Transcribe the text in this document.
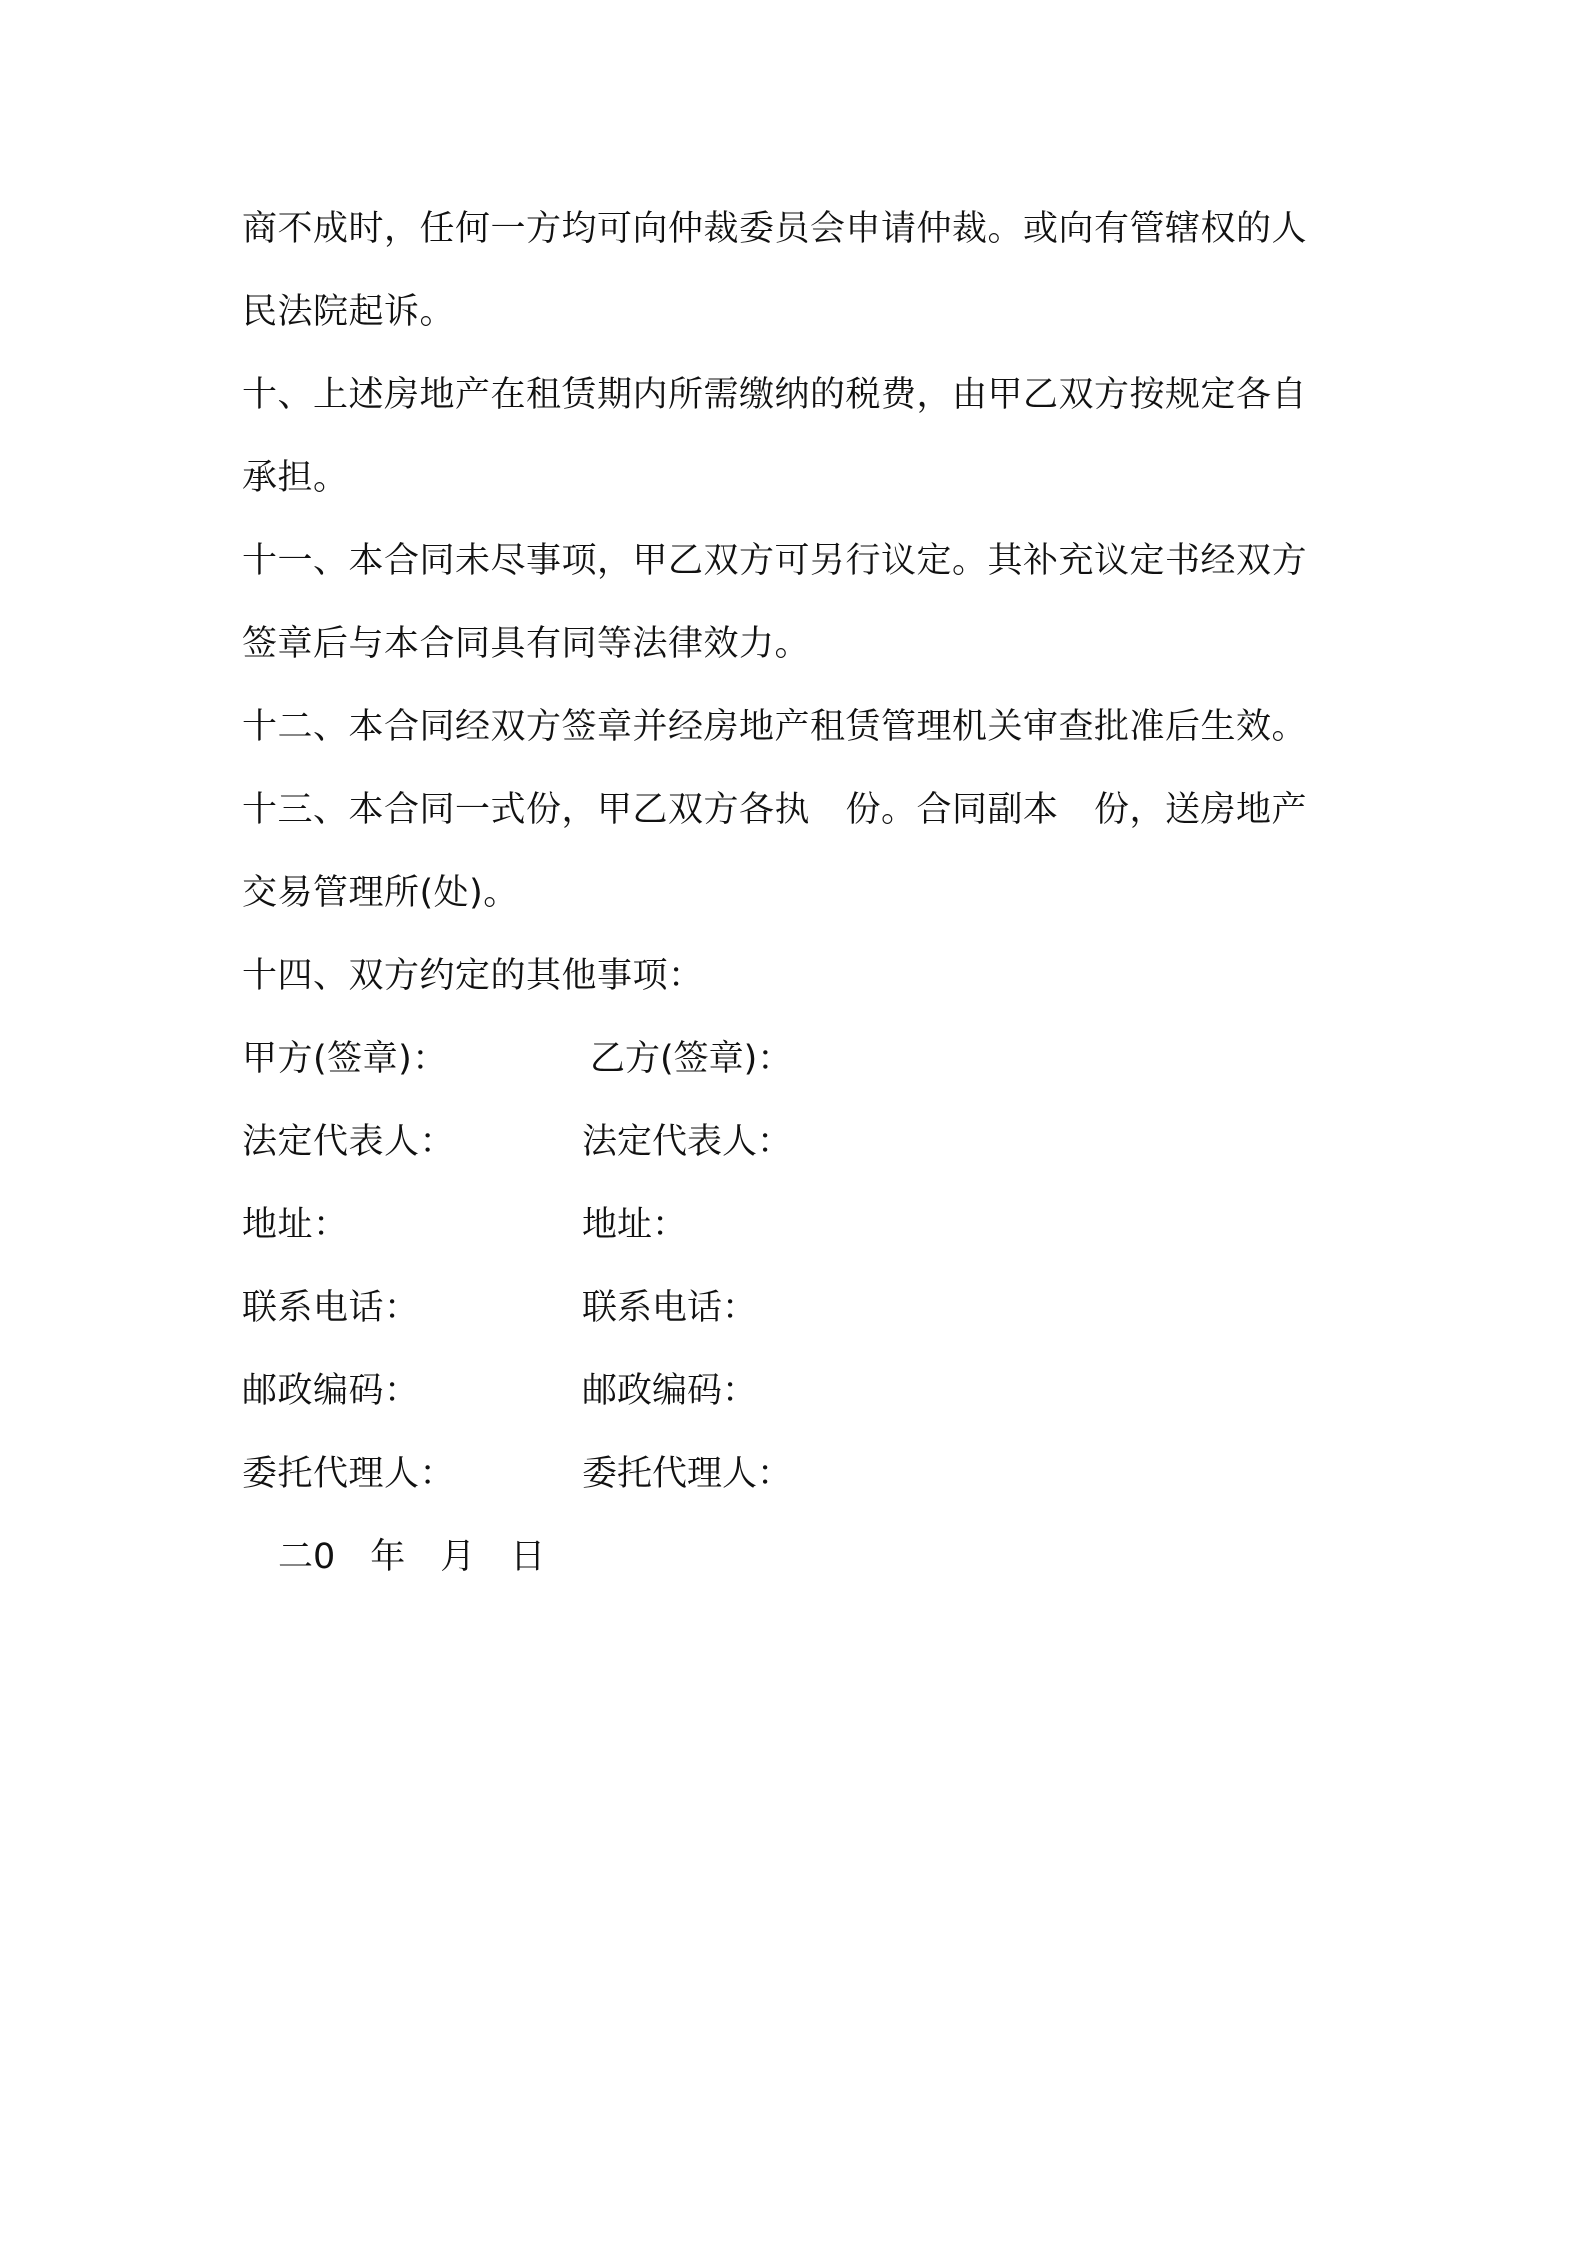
商不成时，任何一方均可向仲裁委员会申请仲裁。或向有管辖权的人
民法院起诉。
十、上述房地产在租赁期内所需缴纳的税费，由甲乙双方按规定各自
承担。
十一、本合同未尽事项，甲乙双方可另行议定。其补充议定书经双方
签章后与本合同具有同等法律效力。
十二、本合同经双方签章并经房地产租赁管理机关审查批准后生效。
十三、本合同一式份，甲乙双方各执　份。合同副本　份，送房地产
交易管理所(处)。
十四、双方约定的其他事项：
甲方(签章)：	乙方(签章)：
法定代表人：	法定代表人：
地址：	地址：
联系电话：	联系电话：
邮政编码：	邮政编码：
委托代理人：	委托代理人：
二0　年　月　日
